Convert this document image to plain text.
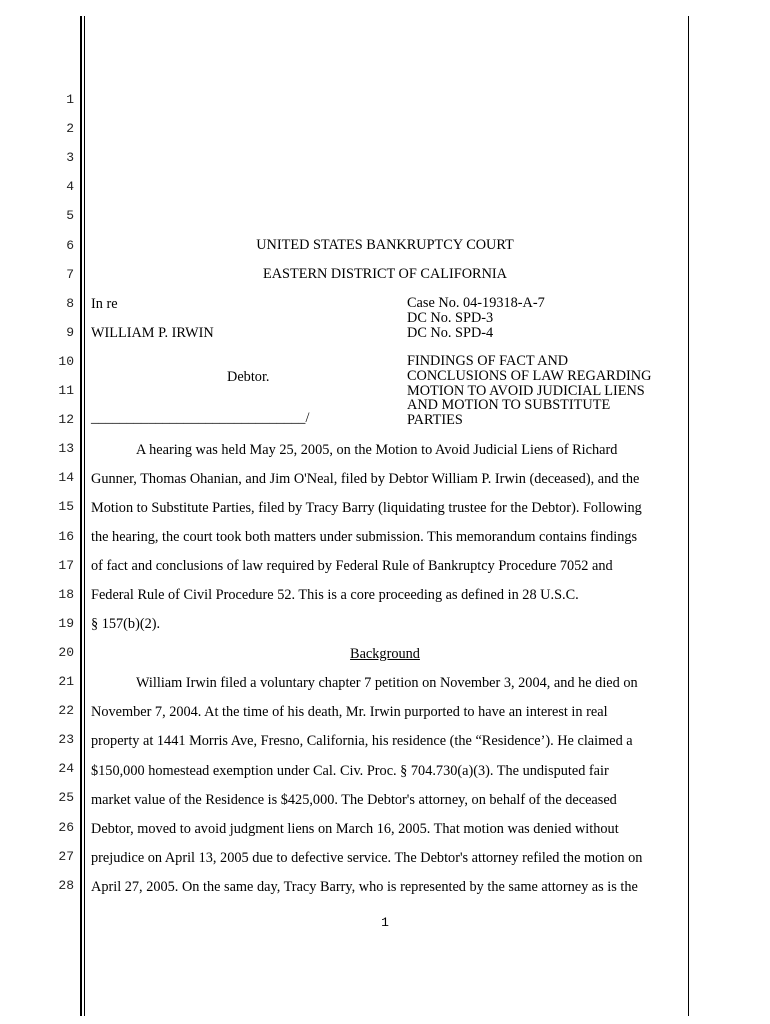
1
2
3
4
5
6
7
8
9
10
11
12
13
14
15
16
17
18
19
20
21
22
23
24
25
26
27
28
UNITED STATES BANKRUPTCY COURT
EASTERN DISTRICT OF CALIFORNIA
In re
WILLIAM P. IRWIN
Debtor.
______________________________/
Case No. 04-19318-A-7
DC No. SPD-3
DC No. SPD-4
FINDINGS OF FACT AND
CONCLUSIONS OF LAW REGARDING
MOTION TO AVOID JUDICIAL LIENS
AND MOTION TO SUBSTITUTE
PARTIES
A hearing was held May 25, 2005, on the Motion to Avoid Judicial Liens of Richard
Gunner, Thomas Ohanian, and Jim O'Neal, filed by Debtor William P. Irwin (deceased), and the
Motion to Substitute Parties, filed by Tracy Barry (liquidating trustee for the Debtor). Following
the hearing, the court took both matters under submission. This memorandum contains findings
of fact and conclusions of law required by Federal Rule of Bankruptcy Procedure 7052 and
Federal Rule of Civil Procedure 52. This is a core proceeding as defined in 28 U.S.C.
§ 157(b)(2).
Background
William Irwin filed a voluntary chapter 7 petition on November 3, 2004, and he died on
November 7, 2004. At the time of his death, Mr. Irwin purported to have an interest in real
property at 1441 Morris Ave, Fresno, California, his residence (the “Residence’). He claimed a
$150,000 homestead exemption under Cal. Civ. Proc. § 704.730(a)(3). The undisputed fair
market value of the Residence is $425,000. The Debtor's attorney, on behalf of the deceased
Debtor, moved to avoid judgment liens on March 16, 2005. That motion was denied without
prejudice on April 13, 2005 due to defective service. The Debtor's attorney refiled the motion on
April 27, 2005. On the same day, Tracy Barry, who is represented by the same attorney as is the
1
